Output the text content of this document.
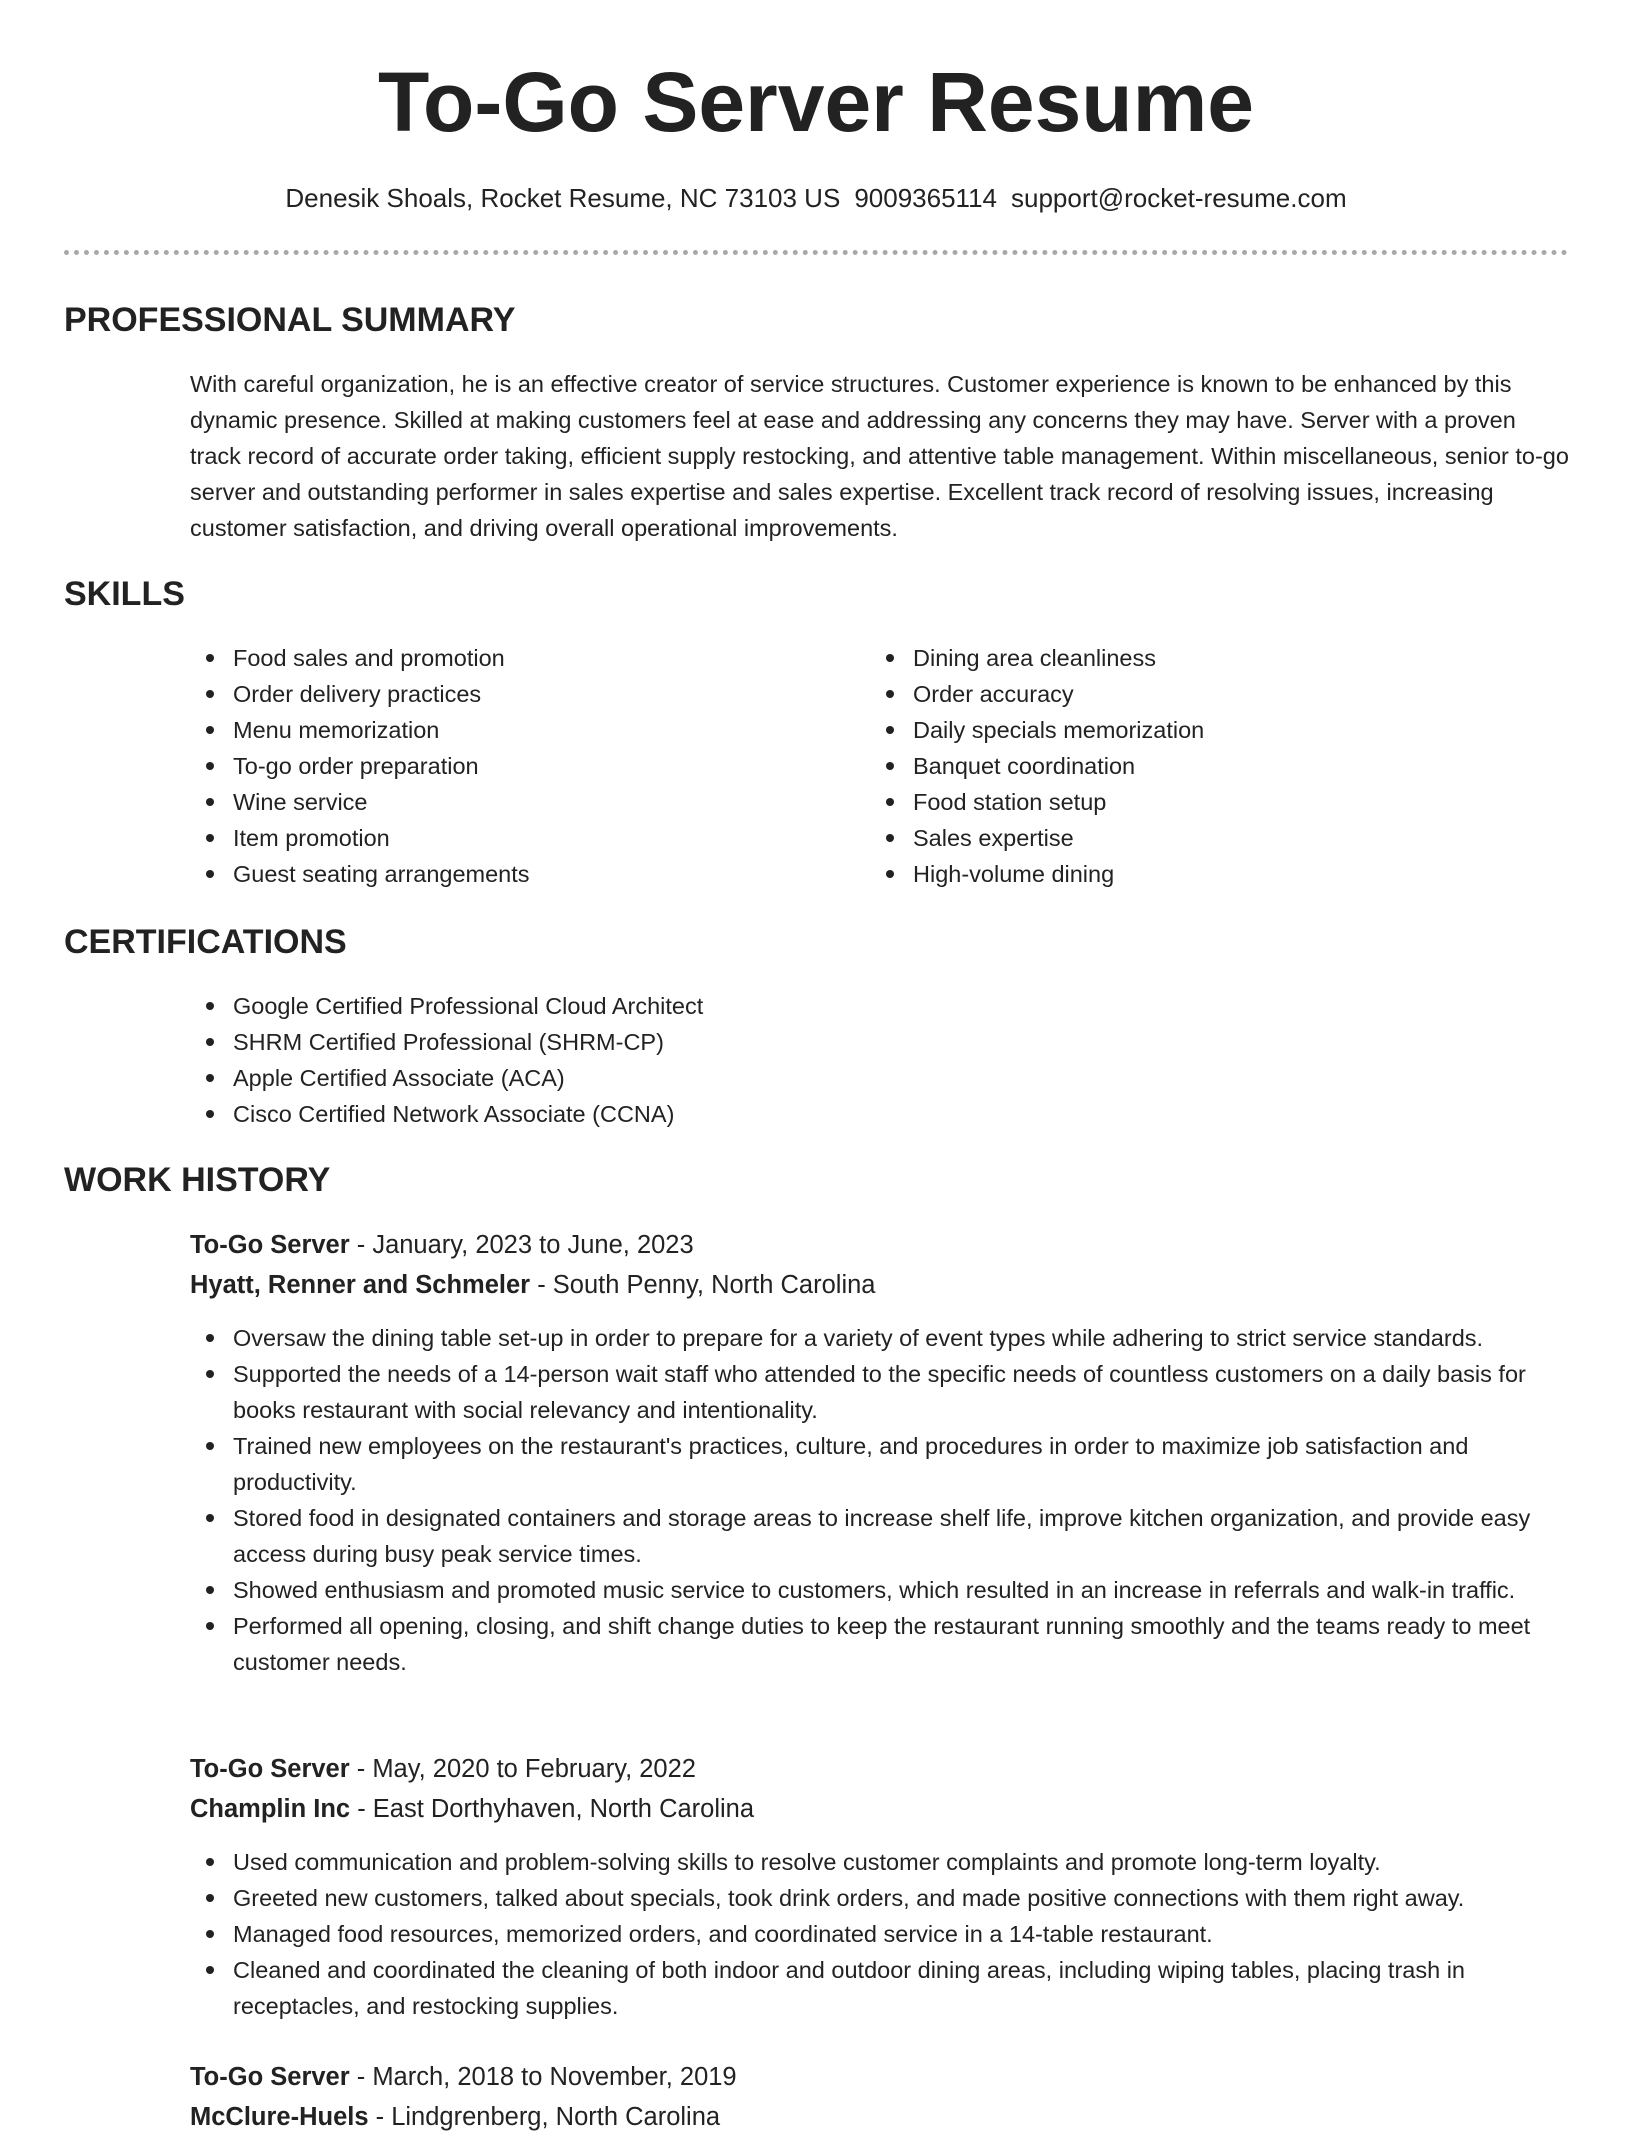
To-Go Server Resume
Denesik Shoals, Rocket Resume, NC 73103 US 9009365114 support@rocket-resume.com
PROFESSIONAL SUMMARY

With careful organization, he is an effective creator of service structures. Customer experience is known to be enhanced by this dynamic presence. Skilled at making customers feel at ease and addressing any concerns they may have. Server with a proven track record of accurate order taking, efficient supply restocking, and attentive table management. Within miscellaneous, senior to-go server and outstanding performer in sales expertise and sales expertise. Excellent track record of resolving issues, increasing customer satisfaction, and driving overall operational improvements.

SKILLS
Food sales and promotion
Order delivery practices
Menu memorization
To-go order preparation
Wine service
Item promotion
Guest seating arrangements
Dining area cleanliness
Order accuracy
Daily specials memorization
Banquet coordination
Food station setup
Sales expertise
High-volume dining
CERTIFICATIONS
Google Certified Professional Cloud Architect
SHRM Certified Professional (SHRM-CP)
Apple Certified Associate (ACA)
Cisco Certified Network Associate (CCNA)
WORK HISTORY
To-Go Server - January, 2023 to June, 2023
Hyatt, Renner and Schmeler - South Penny, North Carolina
Oversaw the dining table set-up in order to prepare for a variety of event types while adhering to strict service standards.
Supported the needs of a 14-person wait staff who attended to the specific needs of countless customers on a daily basis for books restaurant with social relevancy and intentionality.
Trained new employees on the restaurant's practices, culture, and procedures in order to maximize job satisfaction and productivity.
Stored food in designated containers and storage areas to increase shelf life, improve kitchen organization, and provide easy access during busy peak service times.
Showed enthusiasm and promoted music service to customers, which resulted in an increase in referrals and walk-in traffic.
Performed all opening, closing, and shift change duties to keep the restaurant running smoothly and the teams ready to meet customer needs.
To-Go Server - May, 2020 to February, 2022
Champlin Inc - East Dorthyhaven, North Carolina
Used communication and problem-solving skills to resolve customer complaints and promote long-term loyalty.
Greeted new customers, talked about specials, took drink orders, and made positive connections with them right away.
Managed food resources, memorized orders, and coordinated service in a 14-table restaurant.
Cleaned and coordinated the cleaning of both indoor and outdoor dining areas, including wiping tables, placing trash in receptacles, and restocking supplies.
To-Go Server - March, 2018 to November, 2019
McClure-Huels - Lindgrenberg, North Carolina
